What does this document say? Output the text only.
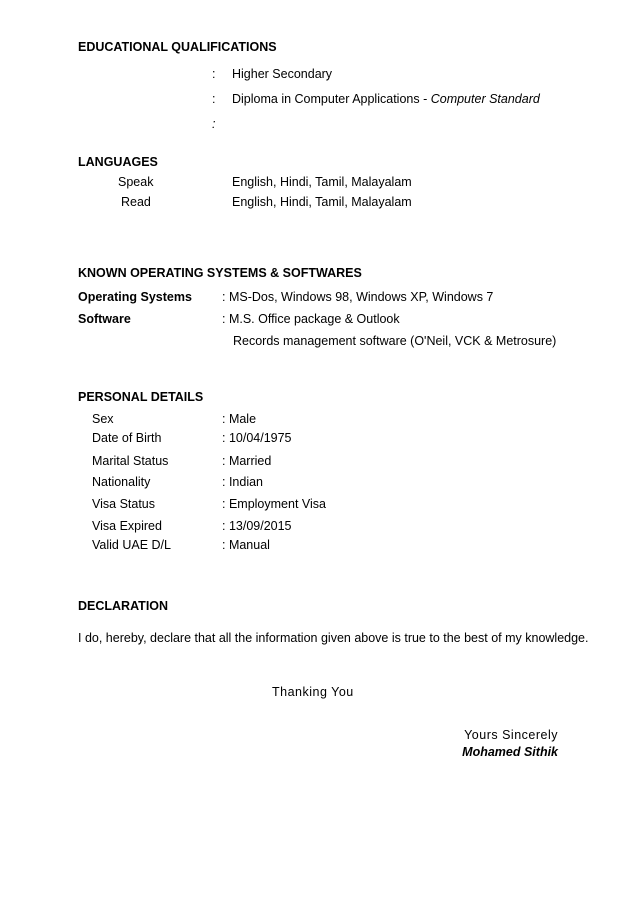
EDUCATIONAL QUALIFICATIONS
: Higher Secondary
: Diploma in Computer Applications - Computer Standard
:
LANGUAGES
Speak	English, Hindi, Tamil, Malayalam
Read	English, Hindi, Tamil, Malayalam
KNOWN OPERATING SYSTEMS & SOFTWARES
Operating Systems : MS-Dos, Windows 98, Windows XP, Windows 7
Software	: M.S. Office package & Outlook
Records management software (O'Neil, VCK & Metrosure)
PERSONAL DETAILS
Sex	: Male
Date of Birth	: 10/04/1975
Marital Status	: Married
Nationality	: Indian
Visa Status	: Employment Visa
Visa Expired	: 13/09/2015
Valid UAE D/L	: Manual
DECLARATION
I do, hereby, declare that all the information given above is true to the best of my knowledge.
Thanking You
Yours Sincerely
Mohamed Sithik
